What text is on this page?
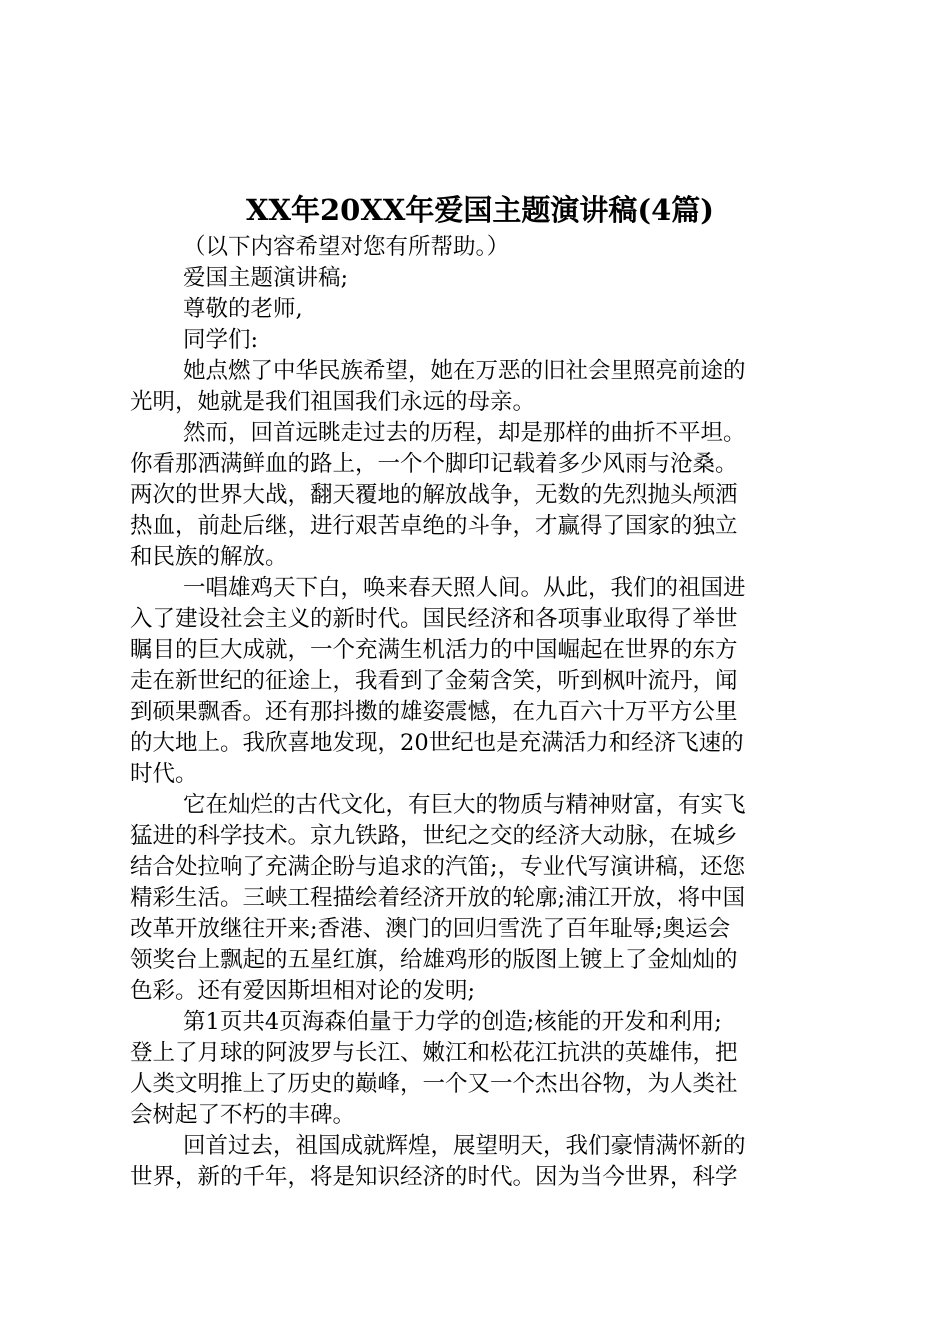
XX年20XX年爱国主题演讲稿(4篇)

（以下内容希望对您有所帮助。）

爱国主题演讲稿;

尊敬的老师,

同学们:

她点燃了中华民族希望，她在万恶的旧社会里照亮前途的

光明，她就是我们祖国我们永远的母亲。

然而，回首远眺走过去的历程，却是那样的曲折不平坦。

你看那洒满鲜血的路上，一个个脚印记载着多少风雨与沧桑。

两次的世界大战，翻天覆地的解放战争，无数的先烈抛头颅洒

热血，前赴后继，进行艰苦卓绝的斗争，才赢得了国家的独立

和民族的解放。

一唱雄鸡天下白，唤来春天照人间。从此，我们的祖国进

入了建设社会主义的新时代。国民经济和各项事业取得了举世

瞩目的巨大成就，一个充满生机活力的中国崛起在世界的东方

走在新世纪的征途上，我看到了金菊含笑，听到枫叶流丹，闻

到硕果飘香。还有那抖擞的雄姿震憾，在九百六十万平方公里

的大地上。我欣喜地发现，20世纪也是充满活力和经济飞速的

时代。

它在灿烂的古代文化，有巨大的物质与精神财富，有实飞

猛进的科学技术。京九铁路，世纪之交的经济大动脉，在城乡

结合处拉响了充满企盼与追求的汽笛;，专业代写演讲稿，还您

精彩生活。三峡工程描绘着经济开放的轮廓;浦江开放，将中国

改革开放继往开来;香港、澳门的回归雪洗了百年耻辱;奥运会

领奖台上飘起的五星红旗，给雄鸡形的版图上镀上了金灿灿的

色彩。还有爱因斯坦相对论的发明;

第1页共4页海森伯量于力学的创造;核能的开发和利用;

登上了月球的阿波罗与长江、嫩江和松花江抗洪的英雄伟，把

人类文明推上了历史的巅峰，一个又一个杰出谷物，为人类社

会树起了不朽的丰碑。

回首过去，祖国成就辉煌，展望明天，我们豪情满怀新的

世界，新的千年，将是知识经济的时代。因为当今世界，科学
